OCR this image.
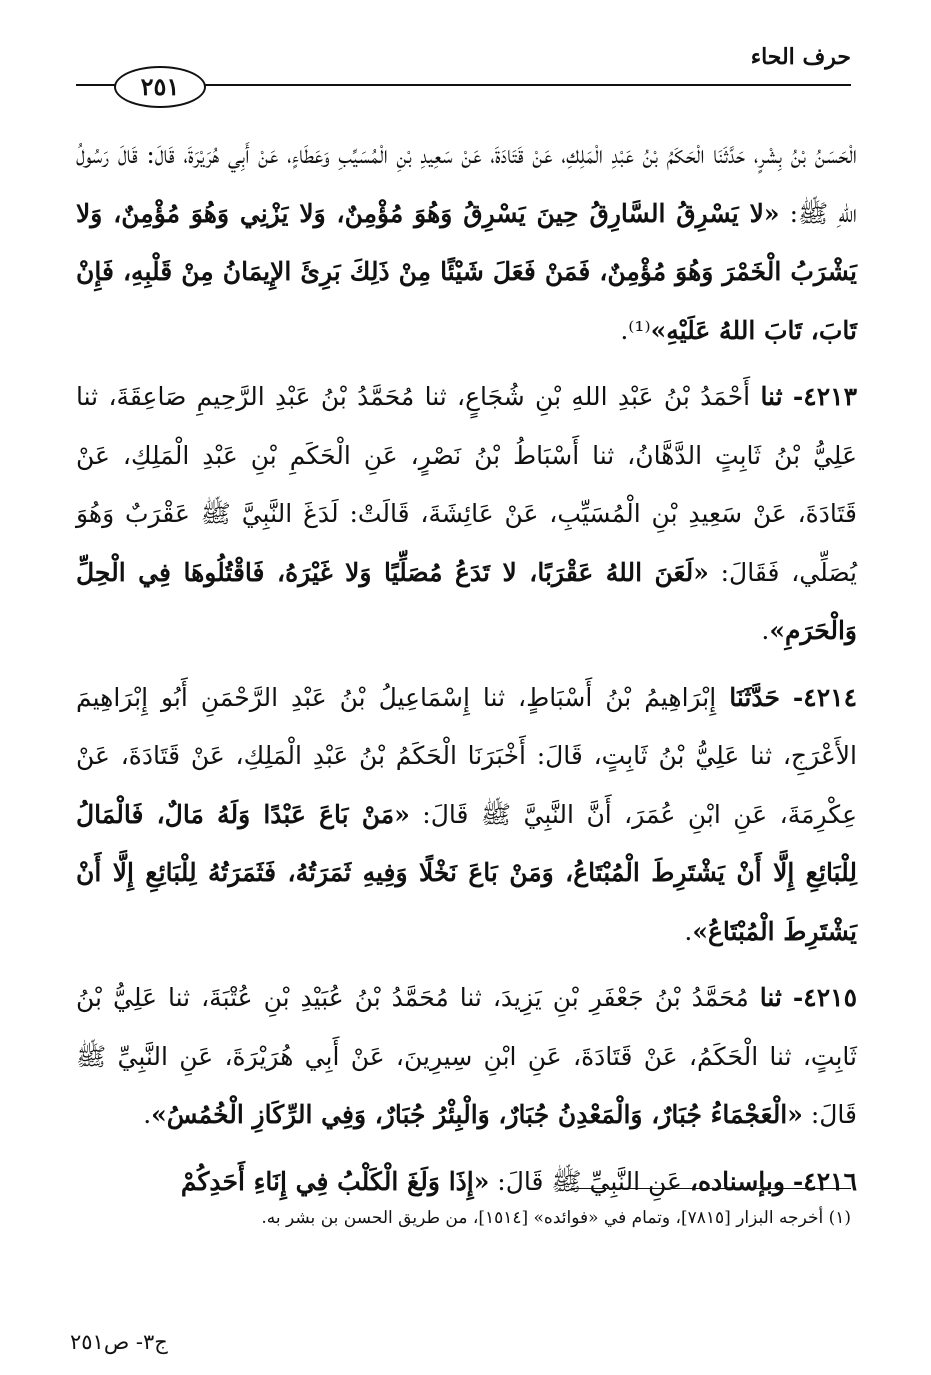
حرف الحاء
٢٥١

الْحَسَنُ بْنُ بِشْرٍ، حَدَّثَنَا الْحَكَمُ بْنُ عَبْدِ الْمَلِكِ، عَنْ قَتَادَةَ، عَنْ سَعِيدِ بْنِ الْمُسَيِّبِ وَعَطَاءٍ، عَنْ أَبِي هُرَيْرَةَ، قَالَ: قَالَ رَسُولُ اللهِ ﷺ: «لا يَسْرِقُ السَّارِقُ حِينَ يَسْرِقُ وَهُوَ مُؤْمِنٌ، وَلا يَزْنِي وَهُوَ مُؤْمِنٌ، وَلا يَشْرَبُ الْخَمْرَ وَهُوَ مُؤْمِنٌ، فَمَنْ فَعَلَ شَيْئًا مِنْ ذَلِكَ بَرِئَ الإِيمَانُ مِنْ قَلْبِهِ، فَإِنْ تَابَ، تَابَ اللهُ عَلَيْهِ»⁽¹⁾.

٤٢١٣- ثنا أَحْمَدُ بْنُ عَبْدِ اللهِ بْنِ شُجَاعٍ، ثنا مُحَمَّدُ بْنُ عَبْدِ الرَّحِيمِ صَاعِقَةَ، ثنا عَلِيُّ بْنُ ثَابِتٍ الدَّهَّانُ، ثنا أَسْبَاطُ بْنُ نَصْرٍ، عَنِ الْحَكَمِ بْنِ عَبْدِ الْمَلِكِ، عَنْ قَتَادَةَ، عَنْ سَعِيدِ بْنِ الْمُسَيِّبِ، عَنْ عَائِشَةَ، قَالَتْ: لَدَغَ النَّبِيَّ ﷺ عَقْرَبٌ وَهُوَ يُصَلِّي، فَقَالَ: «لَعَنَ اللهُ عَقْرَبًا، لا تَدَعُ مُصَلِّيًا وَلا غَيْرَهُ، فَاقْتُلُوهَا فِي الْحِلِّ وَالْحَرَمِ».

٤٢١٤- حَدَّثَنَا إِبْرَاهِيمُ بْنُ أَسْبَاطٍ، ثنا إِسْمَاعِيلُ بْنُ عَبْدِ الرَّحْمَنِ أَبُو إِبْرَاهِيمَ الأَعْرَجِ، ثنا عَلِيُّ بْنُ ثَابِتٍ، قَالَ: أَخْبَرَنَا الْحَكَمُ بْنُ عَبْدِ الْمَلِكِ، عَنْ قَتَادَةَ، عَنْ عِكْرِمَةَ، عَنِ ابْنِ عُمَرَ، أَنَّ النَّبِيَّ ﷺ قَالَ: «مَنْ بَاعَ عَبْدًا وَلَهُ مَالٌ، فَالْمَالُ لِلْبَائِعِ إِلَّا أَنْ يَشْتَرِطَ الْمُبْتَاعُ، وَمَنْ بَاعَ نَخْلًا وَفِيهِ ثَمَرَتُهُ، فَثَمَرَتُهُ لِلْبَائِعِ إِلَّا أَنْ يَشْتَرِطَ الْمُبْتَاعُ».

٤٢١٥- ثنا مُحَمَّدُ بْنُ جَعْفَرِ بْنِ يَزِيدَ، ثنا مُحَمَّدُ بْنُ عُبَيْدِ بْنِ عُتْبَةَ، ثنا عَلِيُّ بْنُ ثَابِتٍ، ثنا الْحَكَمُ، عَنْ قَتَادَةَ، عَنِ ابْنِ سِيرِينَ، عَنْ أَبِي هُرَيْرَةَ، عَنِ النَّبِيِّ ﷺ قَالَ: «الْعَجْمَاءُ جُبَارٌ، وَالْمَعْدِنُ جُبَارٌ، وَالْبِئْرُ جُبَارٌ، وَفِي الرِّكَازِ الْخُمُسُ».

٤٢١٦- وبإسناده، عَنِ النَّبِيِّ ﷺ قَالَ: «إِذَا وَلَغَ الْكَلْبُ فِي إِنَاءِ أَحَدِكُمْ

(١) أخرجه البزار [٧٨١٥]، وتمام في «فوائده» [١٥١٤]، من طريق الحسن بن بشر به.
ج٣- ص٢٥١
